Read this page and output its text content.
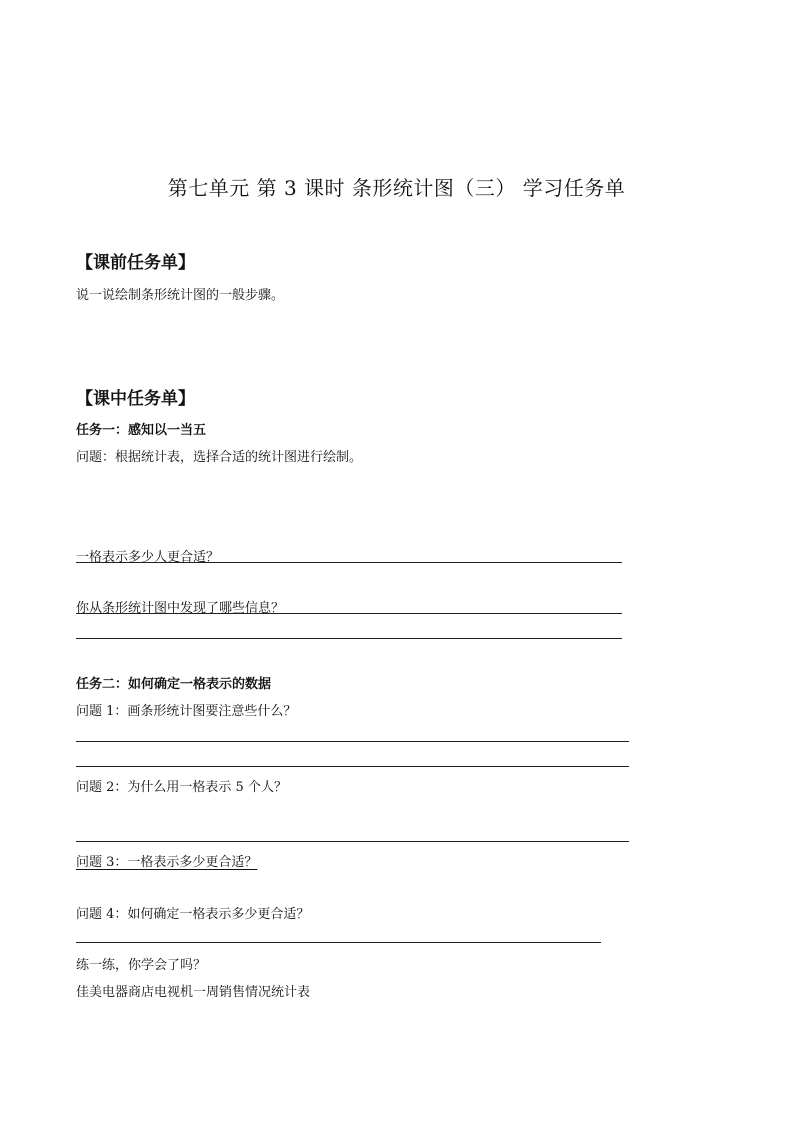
第七单元 第 3 课时 条形统计图（三） 学习任务单
【课前任务单】
说一说绘制条形统计图的一般步骤。
【课中任务单】
任务一：感知以一当五
问题：根据统计表，选择合适的统计图进行绘制。
一格表示多少人更合适？
你从条形统计图中发现了哪些信息？
任务二：如何确定一格表示的数据
问题 1：画条形统计图要注意些什么？
问题 2：为什么用一格表示 5 个人？
问题 3：一格表示多少更合适？
问题 4：如何确定一格表示多少更合适？
练一练，你学会了吗？
佳美电器商店电视机一周销售情况统计表
